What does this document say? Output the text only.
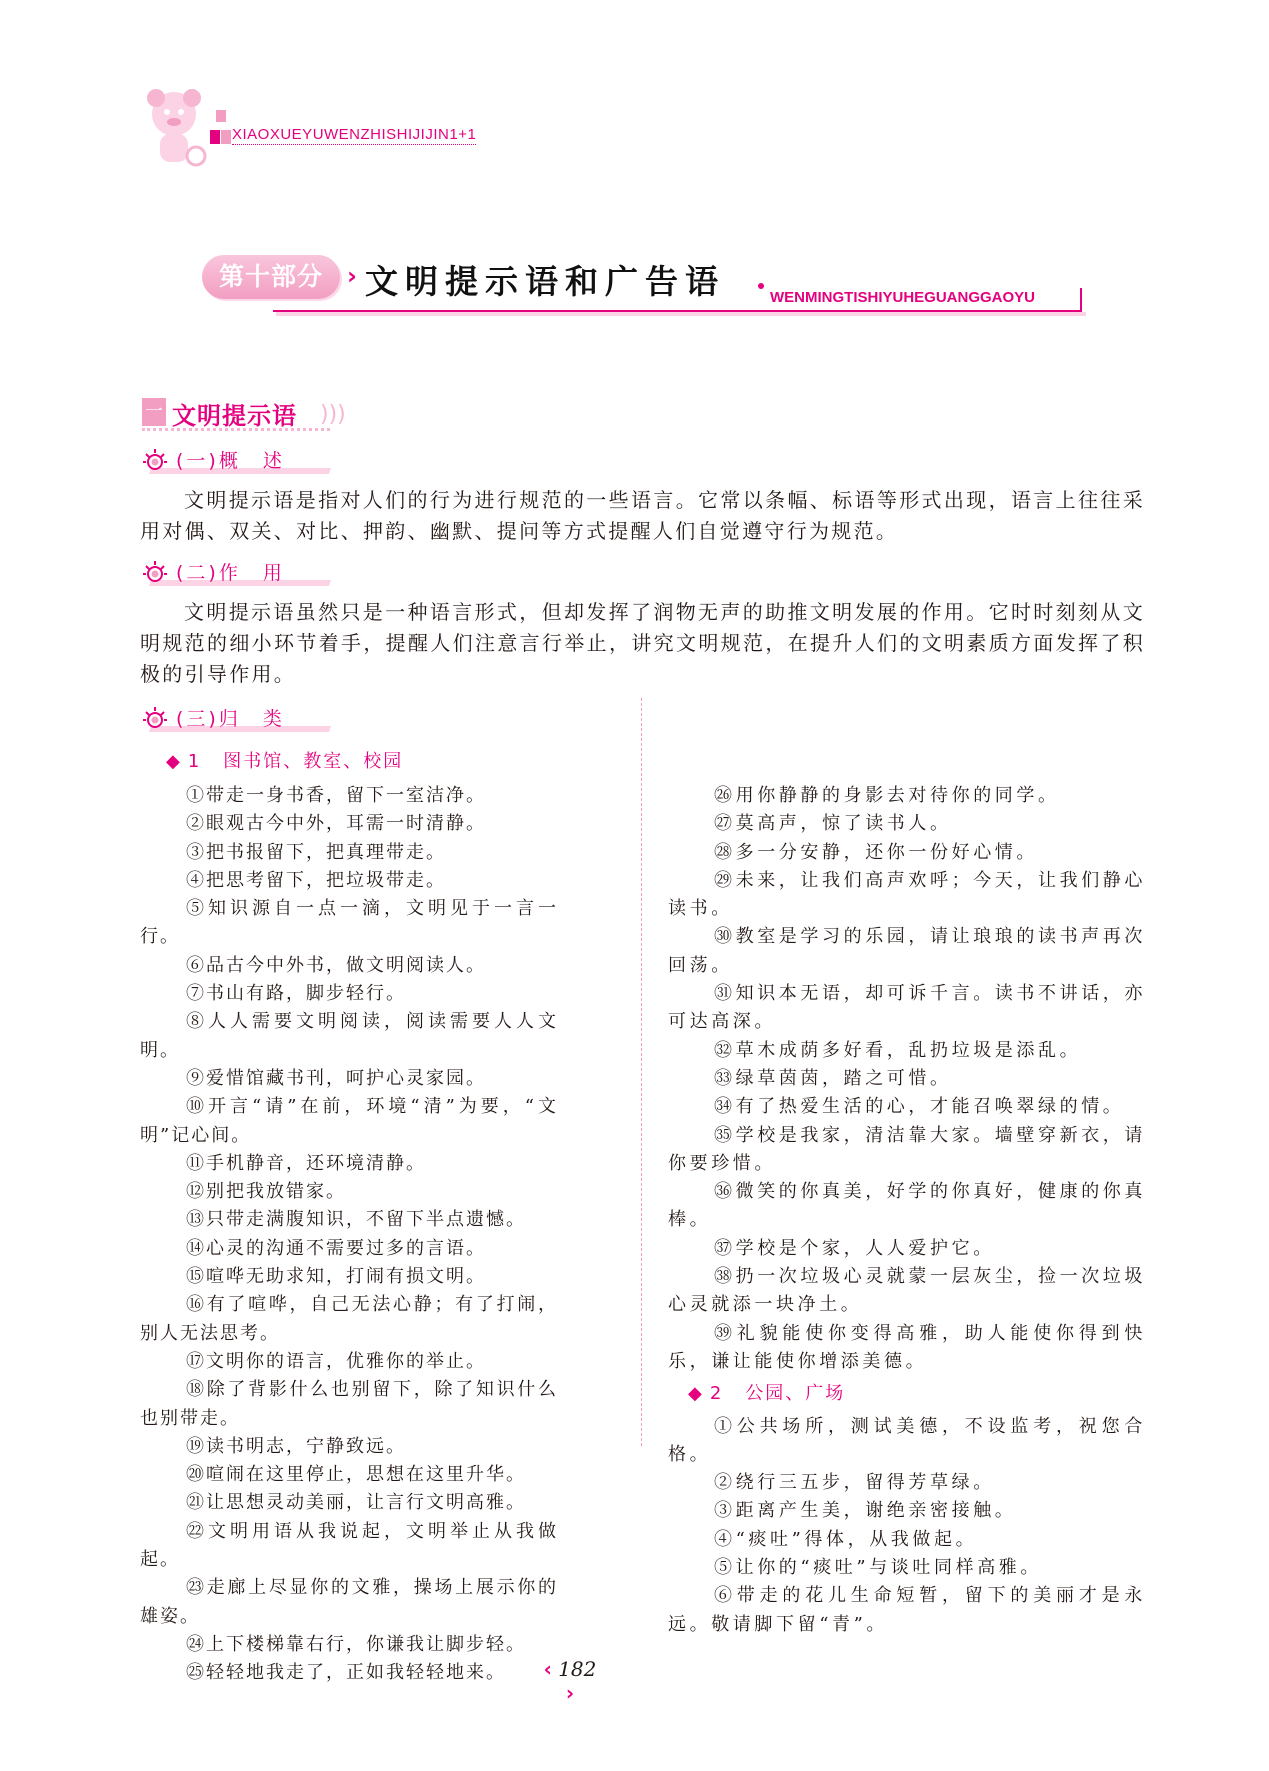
XIAOXUEYUWENZHISHIJIJIN1+1
第十部分	› 文明提示语和广告语	WENMINGTISHIYUHEGUANGGAOYU
一 文明提示语 )))
(一)概　述
文明提示语是指对人们的行为进行规范的一些语言。它常以条幅、标语等形式出现，语言上往往采用对偶、双关、对比、押韵、幽默、提问等方式提醒人们自觉遵守行为规范。
(二)作　用
文明提示语虽然只是一种语言形式，但却发挥了润物无声的助推文明发展的作用。它时时刻刻从文明规范的细小环节着手，提醒人们注意言行举止，讲究文明规范，在提升人们的文明素质方面发挥了积极的引导作用。
(三)归　类
◆ 1 图书馆、教室、校园

①带走一身书香，留下一室洁净。

②眼观古今中外，耳需一时清静。

③把书报留下，把真理带走。

④把思考留下，把垃圾带走。

⑤知识源自一点一滴，文明见于一言一行。

⑥品古今中外书，做文明阅读人。

⑦书山有路，脚步轻行。

⑧人人需要文明阅读，阅读需要人人文明。

⑨爱惜馆藏书刊，呵护心灵家园。

⑩开言“请”在前，环境“清”为要，“文明”记心间。

⑪手机静音，还环境清静。

⑫别把我放错家。

⑬只带走满腹知识，不留下半点遗憾。

⑭心灵的沟通不需要过多的言语。

⑮喧哗无助求知，打闹有损文明。

⑯有了喧哗，自己无法心静；有了打闹，别人无法思考。

⑰文明你的语言，优雅你的举止。

⑱除了背影什么也别留下，除了知识什么也别带走。

⑲读书明志，宁静致远。

⑳喧闹在这里停止，思想在这里升华。

㉑让思想灵动美丽，让言行文明高雅。

㉒文明用语从我说起，文明举止从我做起。

㉓走廊上尽显你的文雅，操场上展示你的雄姿。

㉔上下楼梯靠右行，你谦我让脚步轻。

㉕轻轻地我走了，正如我轻轻地来。

㉖用你静静的身影去对待你的同学。

㉗莫高声，惊了读书人。

㉘多一分安静，还你一份好心情。

㉙未来，让我们高声欢呼；今天，让我们静心读书。

㉚教室是学习的乐园，请让琅琅的读书声再次回荡。

㉛知识本无语，却可诉千言。读书不讲话，亦可达高深。

㉜草木成荫多好看，乱扔垃圾是添乱。

㉝绿草茵茵，踏之可惜。

㉞有了热爱生活的心，才能召唤翠绿的情。

㉟学校是我家，清洁靠大家。墙壁穿新衣，请你要珍惜。

㊱微笑的你真美，好学的你真好，健康的你真棒。

㊲学校是个家，人人爱护它。

㊳扔一次垃圾心灵就蒙一层灰尘，捡一次垃圾心灵就添一块净土。

㊴礼貌能使你变得高雅，助人能使你得到快乐，谦让能使你增添美德。

◆ 2 公园、广场

①公共场所，测试美德，不设监考，祝您合格。

②绕行三五步，留得芳草绿。

③距离产生美，谢绝亲密接触。

④“痰吐”得体，从我做起。

⑤让你的“痰吐”与谈吐同样高雅。

⑥带走的花儿生命短暂，留下的美丽才是永远。敬请脚下留“青”。

‹ 182 ›
